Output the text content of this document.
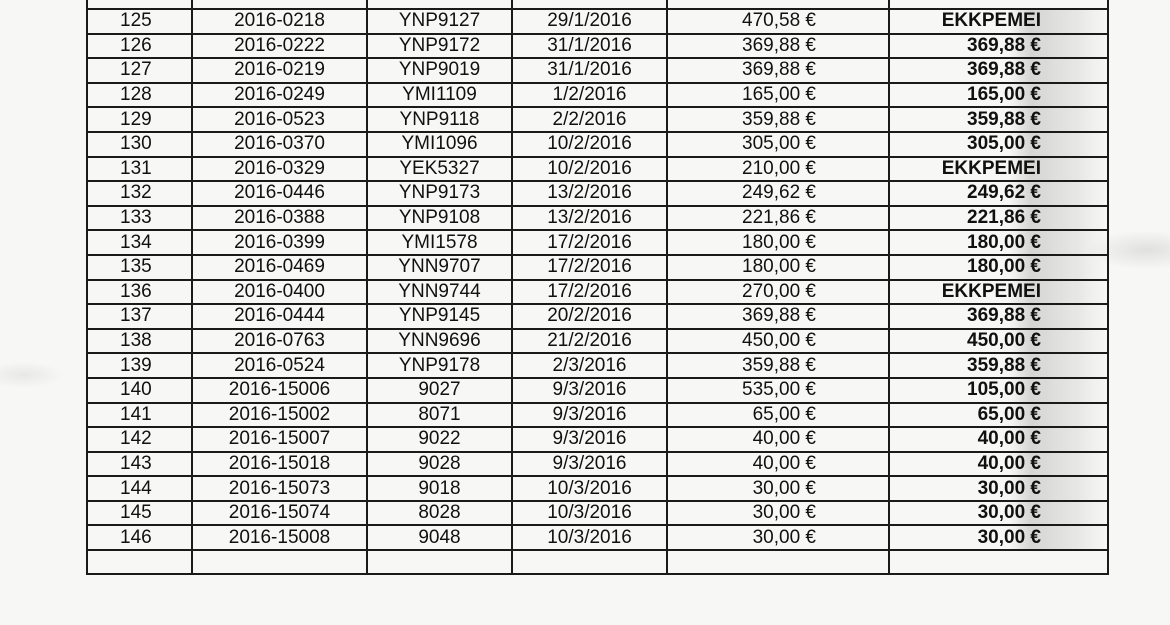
125	2016-0218	YNP9127	29/1/2016	470,58 €	EKKPEMEI
126	2016-0222	YNP9172	31/1/2016	369,88 €	369,88 €
127	2016-0219	YNP9019	31/1/2016	369,88 €	369,88 €
128	2016-0249	YMI1109	1/2/2016	165,00 €	165,00 €
129	2016-0523	YNP9118	2/2/2016	359,88 €	359,88 €
130	2016-0370	YMI1096	10/2/2016	305,00 €	305,00 €
131	2016-0329	YEK5327	10/2/2016	210,00 €	EKKPEMEI
132	2016-0446	YNP9173	13/2/2016	249,62 €	249,62 €
133	2016-0388	YNP9108	13/2/2016	221,86 €	221,86 €
134	2016-0399	YMI1578	17/2/2016	180,00 €	180,00 €
135	2016-0469	YNN9707	17/2/2016	180,00 €	180,00 €
136	2016-0400	YNN9744	17/2/2016	270,00 €	EKKPEMEI
137	2016-0444	YNP9145	20/2/2016	369,88 €	369,88 €
138	2016-0763	YNN9696	21/2/2016	450,00 €	450,00 €
139	2016-0524	YNP9178	2/3/2016	359,88 €	359,88 €
140	2016-15006	9027	9/3/2016	535,00 €	105,00 €
141	2016-15002	8071	9/3/2016	65,00 €	65,00 €
142	2016-15007	9022	9/3/2016	40,00 €	40,00 €
143	2016-15018	9028	9/3/2016	40,00 €	40,00 €
144	2016-15073	9018	10/3/2016	30,00 €	30,00 €
145	2016-15074	8028	10/3/2016	30,00 €	30,00 €
146	2016-15008	9048	10/3/2016	30,00 €	30,00 €
